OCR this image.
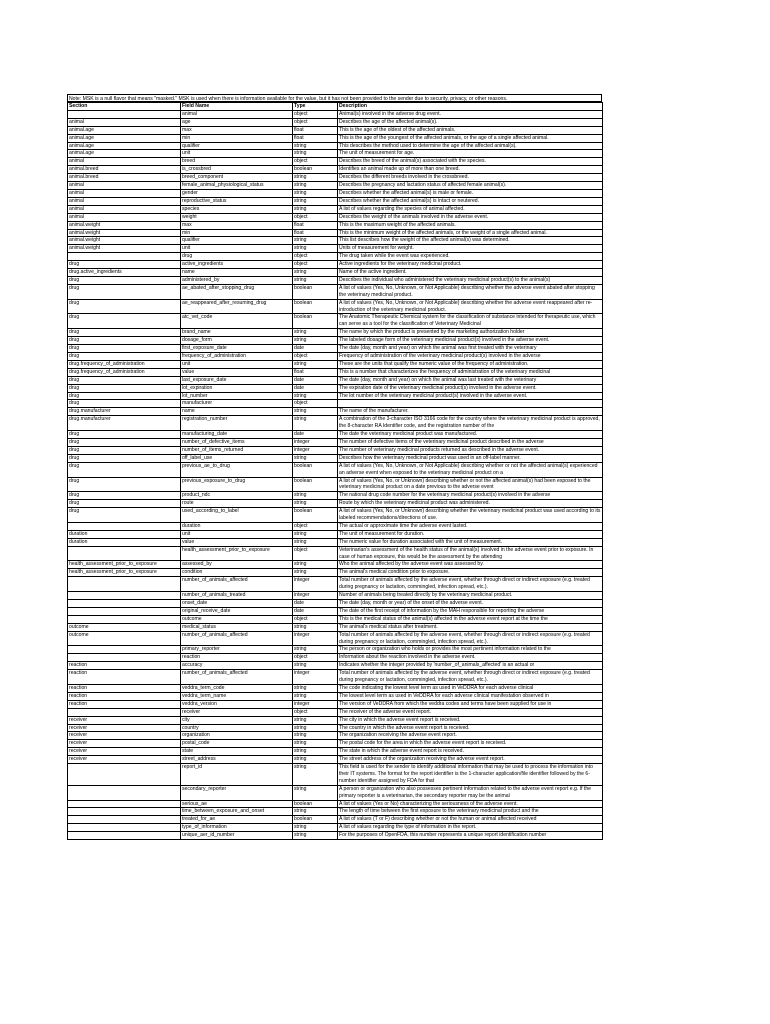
Note: MSK is a null flavor that means "masked." MSK is used when there is information available for the value, but it has not been provided to the sender due to security, privacy, or other reasons.
Section	Field Name	Type	Description
	animal	object	Animal(s) involved in the adverse drug event.
animal	age	object	Describes the age of the affected animal(s).
animal.age	max	float	This is the age of the oldest of the affected animals.
animal.age	min	float	This is the age of the youngest of the affected animals, or the age of a single affected animal.
animal.age	qualifier	string	This describes the method used to determine the age of the affected animal(s).
animal.age	unit	string	The unit of measurement for age.
animal	breed	object	Describes the breed of the animal(s) associated with the species.
animal.breed	is_crossbred	boolean	Identifies an animal made up of more than one breed.
animal.breed	breed_component	string	Describes the different breeds involved in the crossbreed.
animal	female_animal_physiological_status	string	Describes the pregnancy and lactation status of affected female animal(s).
animal	gender	string	Describes whether the affected animal(s) is male or female.
animal	reproductive_status	string	Describes whether the affected animal(s) is intact or neutered.
animal	species	string	A list of values regarding the species of animal affected.
animal	weight	object	Describes the weight of the animals involved in the adverse event.
animal.weight	max	float	This is the maximum weight of the affected animals.
animal.weight	min	float	This is the minimum weight of the affected animals, or the weight of a single affected animal.
animal.weight	qualifier	string	This list describes how the weight of the affected animal(s) was determined.
animal.weight	unit	string	Units of measurement for weight.
	drug	object	The drug taken while the event was experienced.
drug	active_ingredients	object	Active ingredients for the veterinary medicinal product.
drug.active_ingredients	name	string	Name of the active ingredient.
drug	administered_by	string	Describes the individual who administered the veterinary medicinal product(s) to the animal(s)
drug	ae_abated_after_stopping_drug	boolean	A list of values (Yes, No, Unknown, or Not Applicable) describing whether the adverse event abated after stopping the veterinary medicinal product.
drug	ae_reappeared_after_resuming_drug	boolean	A list of values (Yes, No, Unknown, or Not Applicable) describing whether the adverse event reappeared after re-introduction of the veterinary medicinal product.
drug	atc_vet_code	boolean	The Anatomic Therapeutic Chemical system for the classification of substance intended for therapeutic use, which can serve as a tool for the classification of Veterinary Medicinal
drug	brand_name	string	The name by which the product is presented by the marketing authorization holder
drug	dosage_form	string	The labeled dosage form of the veterinary medicinal product(s) involved in the adverse event.
drug	first_exposure_date	date	The date (day, month and year) on which the animal was first treated with the veterinary
drug	frequency_of_administration	object	Frequency of administration of the veterinary medicinal product(s) involved in the adverse
drug.frequency_of_administration	unit	string	These are the units that qualify the numeric value of the frequency of administration.
drug.frequency_of_administration	value	float	This is a number that characterizes the frequency of administration of the veterinary medicinal
drug	last_exposure_date	date	The date (day, month and year) on which the animal was last treated with the veterinary
drug	lot_expiration	date	The expiration date of the veterinary medicinal product(s) involved in the adverse event.
drug	lot_number	string	The lot number of the veterinary medicinal product(s) involved in the adverse event.
drug	manufacturer	object	
drug.manufacturer	name	string	The name of the manufacturer.
drug.manufacturer	registration_number	string	A combination of the 3-character ISO 3166 code for the country where the veterinary medicinal product is approved, the 8-character RA Identifier code, and the registration number of the
drug	manufacturing_date	date	The date the veterinary medicinal product was manufactured.
drug	number_of_defective_items	integer	The number of defective items of the veterinary medicinal product described in the adverse
drug	number_of_items_returned	integer	The number of veterinary medicinal products returned as described in the adverse event.
drug	off_label_use	string	Describes how the veterinary medicinal product was used in an off-label manner.
drug	previous_ae_to_drug	boolean	A list of values (Yes, No, Unknown, or Not Applicable) describing whether or not the affected animal(s) experienced an adverse event when exposed to the veterinary medicinal product on a
drug	previous_exposure_to_drug	boolean	A list of values (Yes, No, or Unknown) describing whether or not the affected animal(s) had been exposed to the veterinary medicinal product on a date previous to the adverse event
drug	product_ndc	string	The national drug code number for the veterinary medicinal product(s) involved in the adverse
drug	route	string	Route by which the veterinary medicinal product was administered.
drug	used_according_to_label	boolean	A list of values (Yes, No, or Unknown) describing whether the veterinary medicinal product was used according to its labeled recommendations/directions of use.
	duration	object	The actual or approximate time the adverse event lasted.
duration	unit	string	The unit of measurement for duration.
duration	value	string	The numeric value for duration associated with the unit of measurement.
	health_assessment_prior_to_exposure	object	Veterinarian's assessment of the health status of the animal(s) involved in the adverse event prior to exposure. In case of human exposure, this would be the assessment by the attending
health_assessment_prior_to_exposure	assessed_by	string	Who the animal affected by the adverse event was assessed by.
health_assessment_prior_to_exposure	condition	string	The animal's medical condition prior to exposure.
	number_of_animals_affected	integer	Total number of animals affected by the adverse event, whether through direct or indirect exposure (e.g. treated during pregnancy or lactation, commingled, infection spread, etc.).
	number_of_animals_treated	integer	Number of animals being treated directly by the veterinary medicinal product.
	onset_date	date	The date (day, month or year) of the onset of the adverse event.
	original_receive_date	date	The date of the first receipt of information by the MAH responsible for reporting the adverse
	outcome	object	This is the medical status of the animal(s) affected in the adverse event report at the time the
outcome	medical_status	string	The animal's medical status after treatment.
outcome	number_of_animals_affected	integer	Total number of animals affected by the adverse event, whether through direct or indirect exposure (e.g. treated during pregnancy or lactation, commingled, infection spread, etc.).
	primary_reporter	string	The person or organization who holds or provides the most pertinent information related to the
	reaction	object	Information about the reaction involved in the adverse event.
reaction	accuracy	string	Indicates whether the integer provided by 'number_of_animals_affected' is an actual or
reaction	number_of_animals_affected	integer	Total number of animals affected by the adverse event, whether through direct or indirect exposure (e.g. treated during pregnancy or lactation, commingled, infection spread, etc.).
reaction	veddra_term_code	string	The code indicating the lowest level term as used in VeDDRA for each adverse clinical
reaction	veddra_term_name	string	The lowest level term as used in VeDDRA for each adverse clinical manifestation observed in
reaction	veddra_version	integer	The version of VeDDRA from which the veddra codes and terms have been supplied for use in
	receiver	object	The receiver of the adverse event report.
receiver	city	string	The city in which the adverse event report is received.
receiver	country	string	The country in which the adverse event report is received.
receiver	organization	string	The organization receiving the adverse event report.
receiver	postal_code	string	The postal code for the area in which the adverse event report is received.
receiver	state	string	The state in which the adverse event report is received.
receiver	street_address	string	The street address of the organization receiving the adverse event report.
	report_id	string	This field is used for the sender to identify additional information that may be used to process the information into their IT systems. The format for the report identifier is the 1-character application/file identifier followed by the 6-number identifier assigned by FDA for that
	secondary_reporter	string	A person or organization who also possesses pertinent information related to the adverse event report e.g. If the primary reporter is a veterinarian, the secondary reporter may be the animal
	serious_ae	boolean	A list of values (Yes or No) characterizing the seriousness of the adverse event.
	time_between_exposure_and_onset	string	The length of time between the first exposure to the veterinary medicinal product and the
	treated_for_ae	boolean	A list of values (T or F) describing whether or not the human or animal affected received
	type_of_information	string	A list of values regarding the type of information in the report.
	unique_aer_id_number	string	For the purposes of OpenFDA, this number represents a unique report identification number
